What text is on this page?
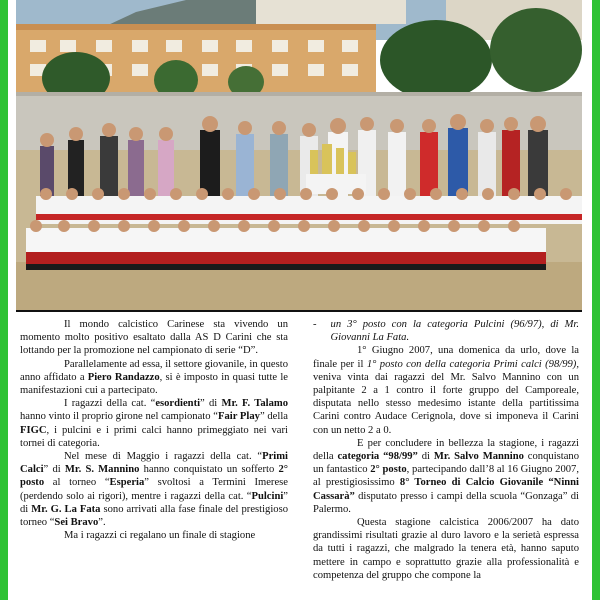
Il mondo calcistico Carinese sta vivendo un momento molto positivo esaltato dalla AS D Carini che sta lottando per la promozione nel campionato di serie “D”.

Parallelamente ad essa, il settore giovanile, in questo anno affidato a Piero Randazzo, si è imposto in quasi tutte le manifestazioni cui a partecipato.

I ragazzi della cat. “esordienti” di Mr. F. Talamo hanno vinto il proprio girone nel campionato “Fair Play” della FIGC, i pulcini e i primi calci hanno primeggiato nei vari tornei di categoria.

Nel mese di Maggio i ragazzi della cat. “Primi Calci” di Mr. S. Mannino hanno conquistato un sofferto 2° posto al torneo “Esperia” svoltosi a Termini Imerese (perdendo solo ai rigori), mentre i ragazzi della cat. “Pulcini” di Mr. G. La Fata sono arrivati alla fase finale del prestigioso torneo “Sei Bravo”.

Ma i ragazzi ci regalano un finale di stagione

- un 3° posto con la categoria Pulcini (96/97), di Mr. Giovanni La Fata.

1° Giugno 2007, una domenica da urlo, dove la finale per il 1° posto con della categoria Primi calci (98/99), veniva vinta dai ragazzi del Mr. Salvo Mannino con un palpitante 2 a 1 contro il forte gruppo del Camporeale, disputata nello stesso medesimo istante della partitissima Carini contro Audace Cerignola, dove si imponeva il Carini con un netto 2 a 0.

E per concludere in bellezza la stagione, i ragazzi della categoria “98/99” di Mr. Salvo Mannino conquistano un fantastico 2° posto, partecipando dall’8 al 16 Giugno 2007, al prestigiosissimo 8° Torneo di Calcio Giovanile “Ninni Cassarà” disputato presso i campi della scuola “Gonzaga” di Palermo.

Questa stagione calcistica 2006/2007 ha dato grandissimi risultati grazie al duro lavoro e la serietà espressa da tutti i ragazzi, che malgrado la tenera età, hanno saputo mettere in campo e soprattutto grazie alla professionalità e competenza del gruppo che compone la
